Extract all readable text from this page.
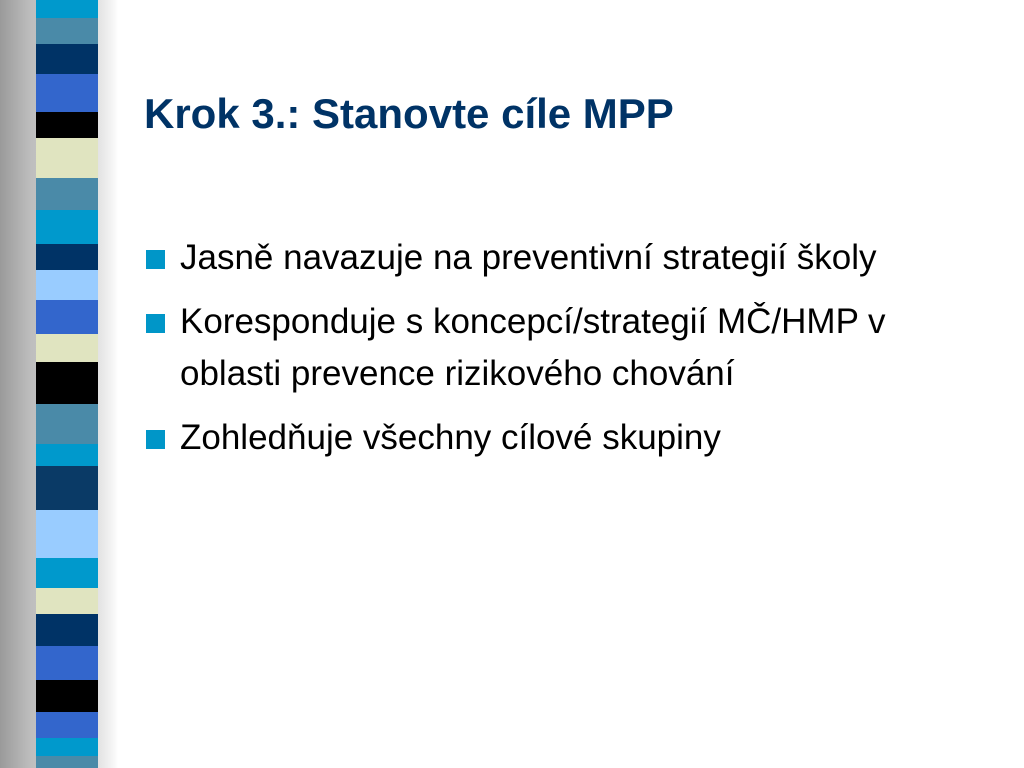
Krok 3.: Stanovte cíle MPP
Jasně navazuje na preventivní strategií školy
Koresponduje s koncepcí/strategií MČ/HMP v oblasti prevence rizikového chování
Zohledňuje všechny cílové skupiny
